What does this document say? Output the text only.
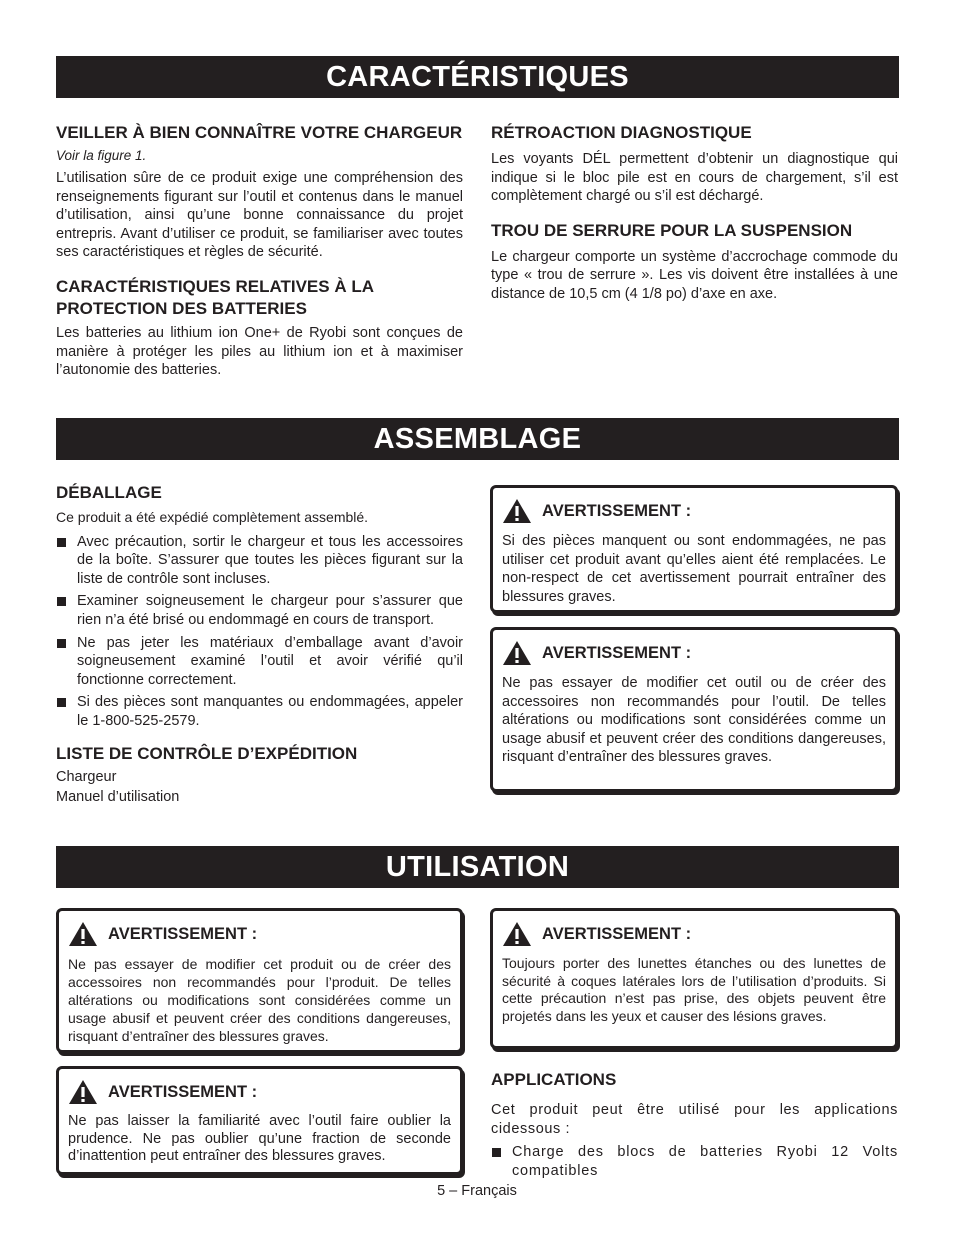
CARACTÉRISTIQUES
VEILLER À BIEN CONNAÎTRE VOTRE CHARGEUR
Voir la figure 1.

L’utilisation sûre de ce produit exige une compréhension des renseignements figurant sur l’outil et contenus dans le manuel d’utilisation, ainsi qu’une bonne connaissance du projet entrepris. Avant d’utiliser ce produit, se familiariser avec toutes ses caractéristiques et règles de sécurité.

CARACTÉRISTIQUES RELATIVES À LA PROTECTION DES BATTERIES

Les batteries au lithium ion One+ de Ryobi sont conçues de manière à protéger les piles au lithium ion et à maximiser l’autonomie des batteries.

RÉTROACTION DIAGNOSTIQUE

Les voyants DÉL permettent d’obtenir un diagnostique qui indique si le bloc pile est en cours de chargement, s’il est complètement chargé ou s’il est déchargé.

TROU DE SERRURE POUR LA SUSPENSION

Le chargeur comporte un système d’accrochage commode du type « trou de serrure ». Les vis doivent être installées à une distance de 10,5 cm (4 1/8 po) d’axe en axe.

ASSEMBLAGE
DÉBALLAGE

Ce produit a été expédié complètement assemblé.

Avec précaution, sortir le chargeur et tous les accessoires de la boîte. S’assurer que toutes les pièces figurant sur la liste de contrôle sont incluses.
Examiner soigneusement le chargeur pour s’assurer que rien n’a été brisé ou endommagé en cours de transport.
Ne pas jeter les matériaux d’emballage avant d’avoir soigneusement examiné l’outil et avoir vérifié qu’il fonctionne correctement.
Si des pièces sont manquantes ou endommagées, appeler le 1-800-525-2579.
LISTE DE CONTRÔLE D’EXPÉDITION

Chargeur

Manuel d’utilisation

AVERTISSEMENT :

Si des pièces manquent ou sont endommagées, ne pas utiliser cet produit avant qu’elles aient été remplacées. Le non-respect de cet avertissement pourrait entraîner des blessures graves.

AVERTISSEMENT :

Ne pas essayer de modifier cet outil ou de créer des accessoires non recommandés pour l’outil. De telles altérations ou modifications sont considérées comme un usage abusif et peuvent créer des conditions dangereuses, risquant d’entraîner des blessures graves.

UTILISATION
AVERTISSEMENT :

Ne pas essayer de modifier cet produit ou de créer des accessoires non recommandés pour l’produit. De telles altérations ou modifications sont considérées comme un usage abusif et peuvent créer des conditions dangereuses, risquant d’entraîner des blessures graves.

AVERTISSEMENT :

Ne pas laisser la familiarité avec l’outil faire oublier la prudence. Ne pas oublier qu’une fraction de seconde d’inattention peut entraîner des blessures graves.

AVERTISSEMENT :

Toujours porter des lunettes étanches ou des lunettes de sécurité à coques latérales lors de l’utilisation d’produits. Si cette précaution n’est pas prise, des objets peuvent être projetés dans les yeux et causer des lésions graves.

APPLICATIONS

Cet produit peut être utilisé pour les applications cidessous :

Charge des blocs de batteries Ryobi 12 Volts compatibles
5 – Français
